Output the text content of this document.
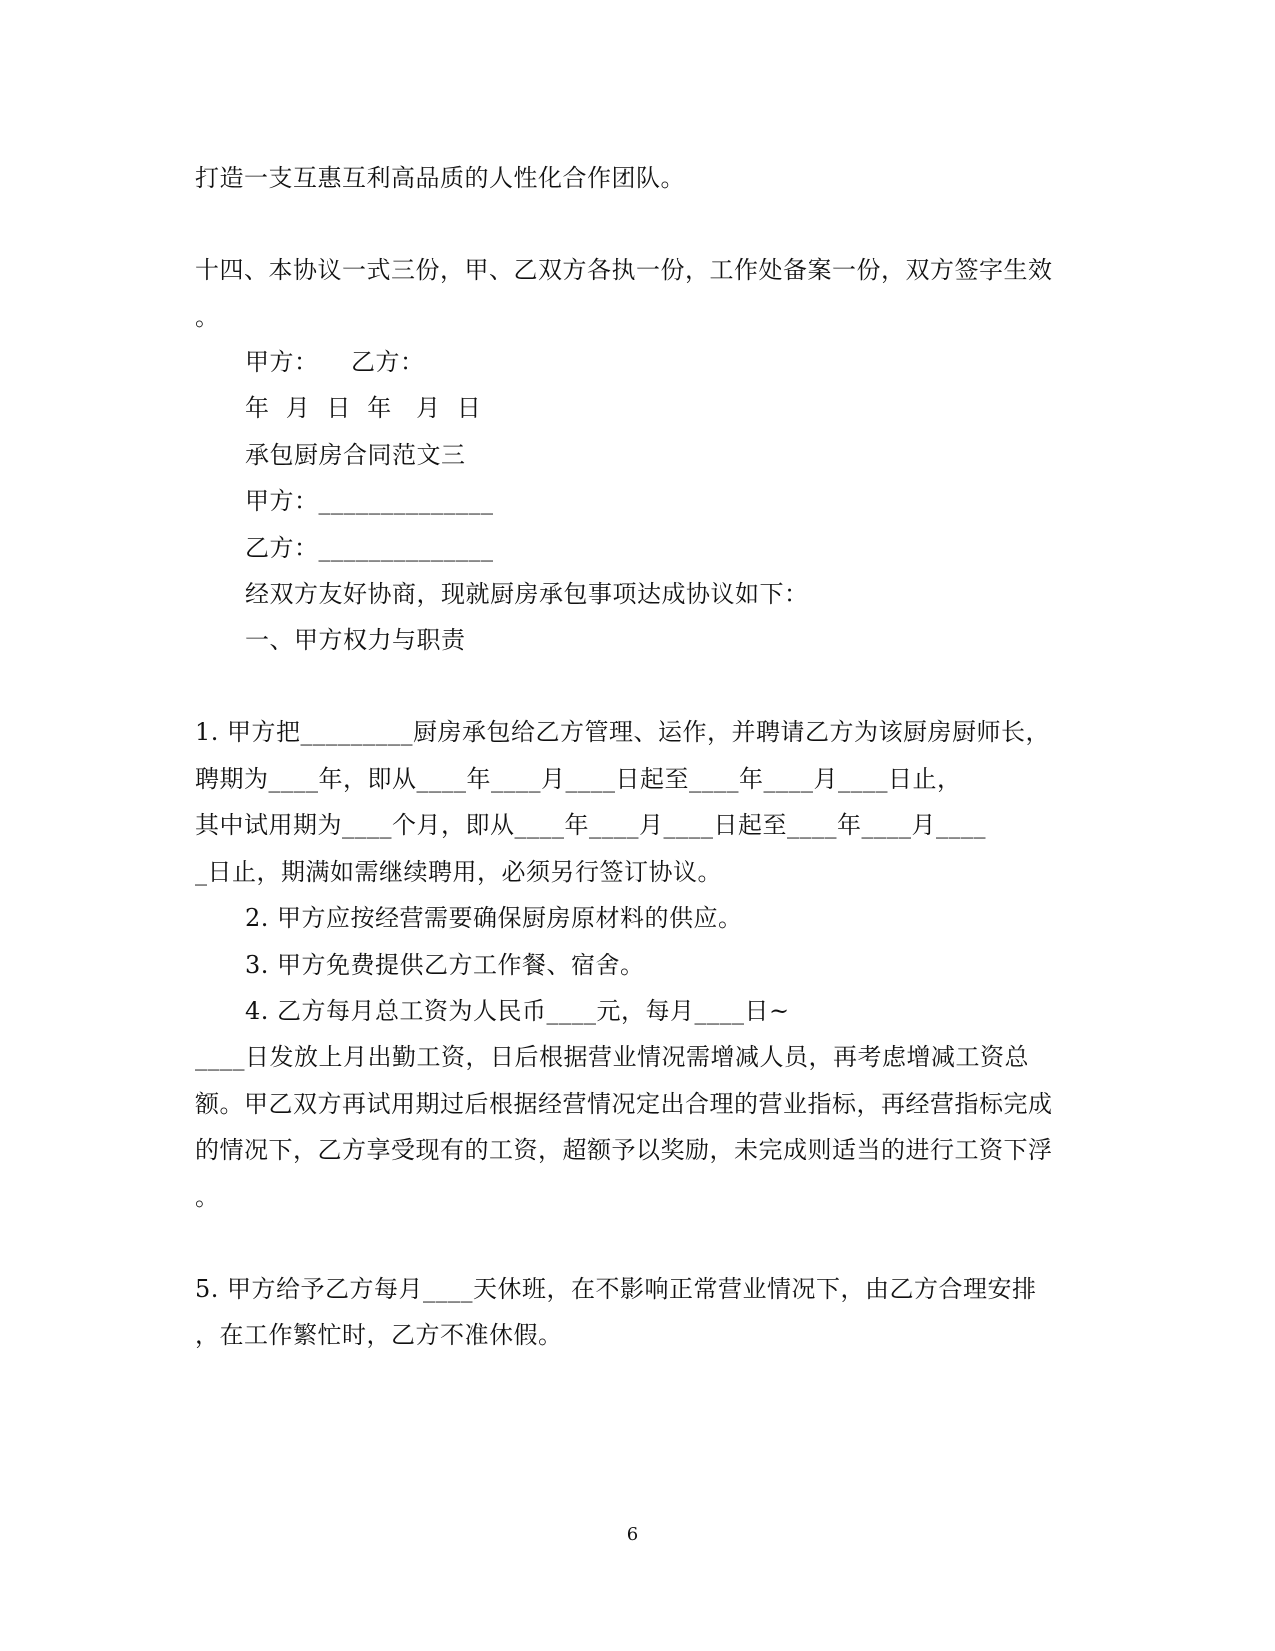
打造一支互惠互利高品质的人性化合作团队。
十四、本协议一式三份，甲、乙双方各执一份，工作处备案一份，双方签字生效
。
甲方：    乙方：
年  月  日  年   月  日
承包厨房合同范文三
甲方：______________
乙方：______________
经双方友好协商，现就厨房承包事项达成协议如下：
一、甲方权力与职责
1. 甲方把_________厨房承包给乙方管理、运作，并聘请乙方为该厨房厨师长，
聘期为____年，即从____年____月____日起至____年____月____日止，
其中试用期为____个月，即从____年____月____日起至____年____月____
_日止，期满如需继续聘用，必须另行签订协议。
2. 甲方应按经营需要确保厨房原材料的供应。
3. 甲方免费提供乙方工作餐、宿舍。
4. 乙方每月总工资为人民币____元，每月____日~
____日发放上月出勤工资，日后根据营业情况需增减人员，再考虑增减工资总
额。甲乙双方再试用期过后根据经营情况定出合理的营业指标，再经营指标完成
的情况下，乙方享受现有的工资，超额予以奖励，未完成则适当的进行工资下浮
。
5. 甲方给予乙方每月____天休班，在不影响正常营业情况下，由乙方合理安排
，在工作繁忙时，乙方不准休假。
6
